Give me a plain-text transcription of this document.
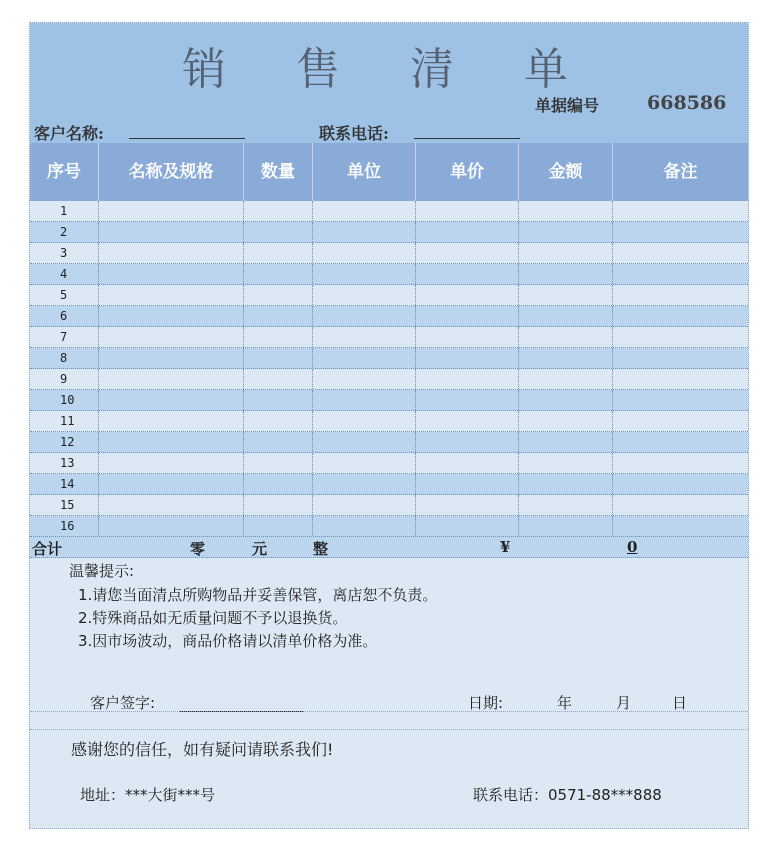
销 售 清 单
单据编号	668586
客户名称:	联系电话:
序号	名称及规格	数量	单位	单价	金额	备注
1
2
3
4
5
6
7
8
9
10
11
12
13
14
15
16
合计	零	元	整	¥	0
温馨提示:
1.请您当面清点所购物品并妥善保管，离店恕不负责。
2.特殊商品如无质量问题不予以退换货。
3.因市场波动，商品价格请以清单价格为准。
客户签字:	日期:	年	月	日
感谢您的信任，如有疑问请联系我们!
地址：***大街***号	联系电话：0571-88***888
